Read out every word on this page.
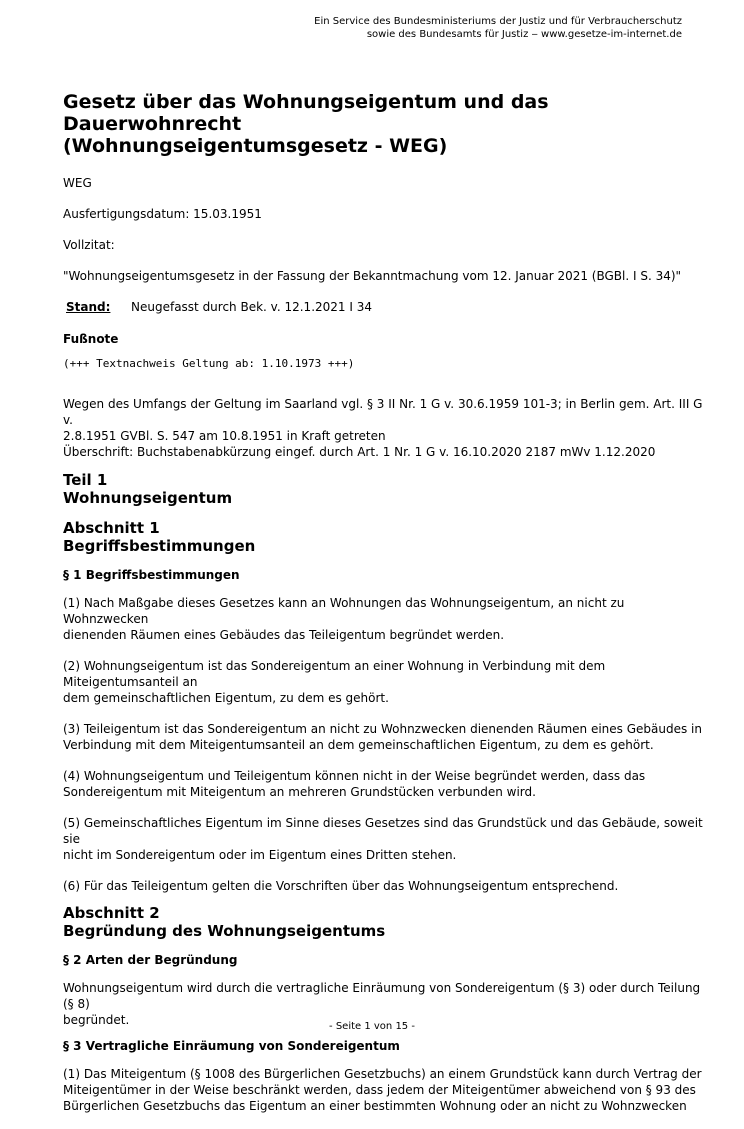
Ein Service des Bundesministeriums der Justiz und für Verbraucherschutz
sowie des Bundesamts für Justiz ‒ www.gesetze-im-internet.de
Gesetz über das Wohnungseigentum und das Dauerwohnrecht
(Wohnungseigentumsgesetz - WEG)
WEG
Ausfertigungsdatum: 15.03.1951
Vollzitat:
"Wohnungseigentumsgesetz in der Fassung der Bekanntmachung vom 12. Januar 2021 (BGBl. I S. 34)"
Stand:	Neugefasst durch Bek. v. 12.1.2021 I 34
Fußnote
(+++ Textnachweis Geltung ab: 1.10.1973 +++)
Wegen des Umfangs der Geltung im Saarland vgl. § 3 II Nr. 1 G v. 30.6.1959 101-3; in Berlin gem. Art. III G v.
2.8.1951 GVBl. S. 547 am 10.8.1951 in Kraft getreten
Überschrift: Buchstabenabkürzung eingef. durch Art. 1 Nr. 1 G v. 16.10.2020 2187 mWv 1.12.2020
Teil 1
Wohnungseigentum
Abschnitt 1
Begriffsbestimmungen
§ 1 Begriffsbestimmungen
(1) Nach Maßgabe dieses Gesetzes kann an Wohnungen das Wohnungseigentum, an nicht zu Wohnzwecken
dienenden Räumen eines Gebäudes das Teileigentum begründet werden.
(2) Wohnungseigentum ist das Sondereigentum an einer Wohnung in Verbindung mit dem Miteigentumsanteil an
dem gemeinschaftlichen Eigentum, zu dem es gehört.
(3) Teileigentum ist das Sondereigentum an nicht zu Wohnzwecken dienenden Räumen eines Gebäudes in
Verbindung mit dem Miteigentumsanteil an dem gemeinschaftlichen Eigentum, zu dem es gehört.
(4) Wohnungseigentum und Teileigentum können nicht in der Weise begründet werden, dass das
Sondereigentum mit Miteigentum an mehreren Grundstücken verbunden wird.
(5) Gemeinschaftliches Eigentum im Sinne dieses Gesetzes sind das Grundstück und das Gebäude, soweit sie
nicht im Sondereigentum oder im Eigentum eines Dritten stehen.
(6) Für das Teileigentum gelten die Vorschriften über das Wohnungseigentum entsprechend.
Abschnitt 2
Begründung des Wohnungseigentums
§ 2 Arten der Begründung
Wohnungseigentum wird durch die vertragliche Einräumung von Sondereigentum (§ 3) oder durch Teilung (§ 8)
begründet.
§ 3 Vertragliche Einräumung von Sondereigentum
(1) Das Miteigentum (§ 1008 des Bürgerlichen Gesetzbuchs) an einem Grundstück kann durch Vertrag der
Miteigentümer in der Weise beschränkt werden, dass jedem der Miteigentümer abweichend von § 93 des
Bürgerlichen Gesetzbuchs das Eigentum an einer bestimmten Wohnung oder an nicht zu Wohnzwecken
- Seite 1 von 15 -
